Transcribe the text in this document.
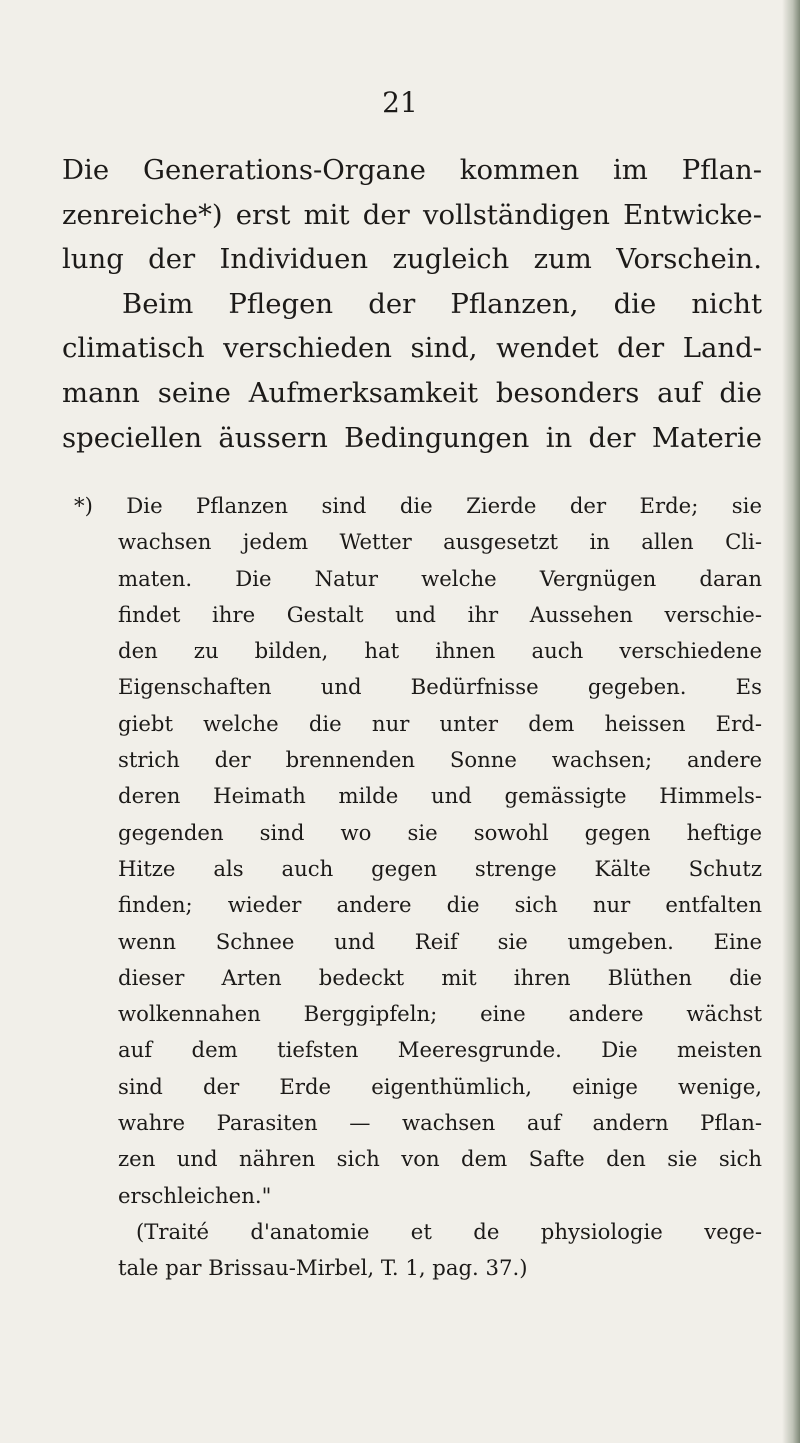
21
Die Generations-Organe kommen im Pflan-
zenreiche*) erst mit der vollständigen Entwicke-
lung der Individuen zugleich zum Vorschein.
Beim Pflegen der Pflanzen, die nicht
climatisch verschieden sind, wendet der Land-
mann seine Aufmerksamkeit besonders auf die
speciellen äussern Bedingungen in der Materie
*) Die Pflanzen sind die Zierde der Erde; sie
wachsen jedem Wetter ausgesetzt in allen Cli-
maten. Die Natur welche Vergnügen daran
findet ihre Gestalt und ihr Aussehen verschie-
den zu bilden, hat ihnen auch verschiedene
Eigenschaften und Bedürfnisse gegeben. Es
giebt welche die nur unter dem heissen Erd-
strich der brennenden Sonne wachsen; andere
deren Heimath milde und gemässigte Himmels-
gegenden sind wo sie sowohl gegen heftige
Hitze als auch gegen strenge Kälte Schutz
finden; wieder andere die sich nur entfalten
wenn Schnee und Reif sie umgeben. Eine
dieser Arten bedeckt mit ihren Blüthen die
wolkennahen Berggipfeln; eine andere wächst
auf dem tiefsten Meeresgrunde. Die meisten
sind der Erde eigenthümlich, einige wenige,
wahre Parasiten — wachsen auf andern Pflan-
zen und nähren sich von dem Safte den sie sich
erschleichen."
(Traité d'anatomie et de physiologie vege-
tale par Brissau-Mirbel, T. 1, pag. 37.)
